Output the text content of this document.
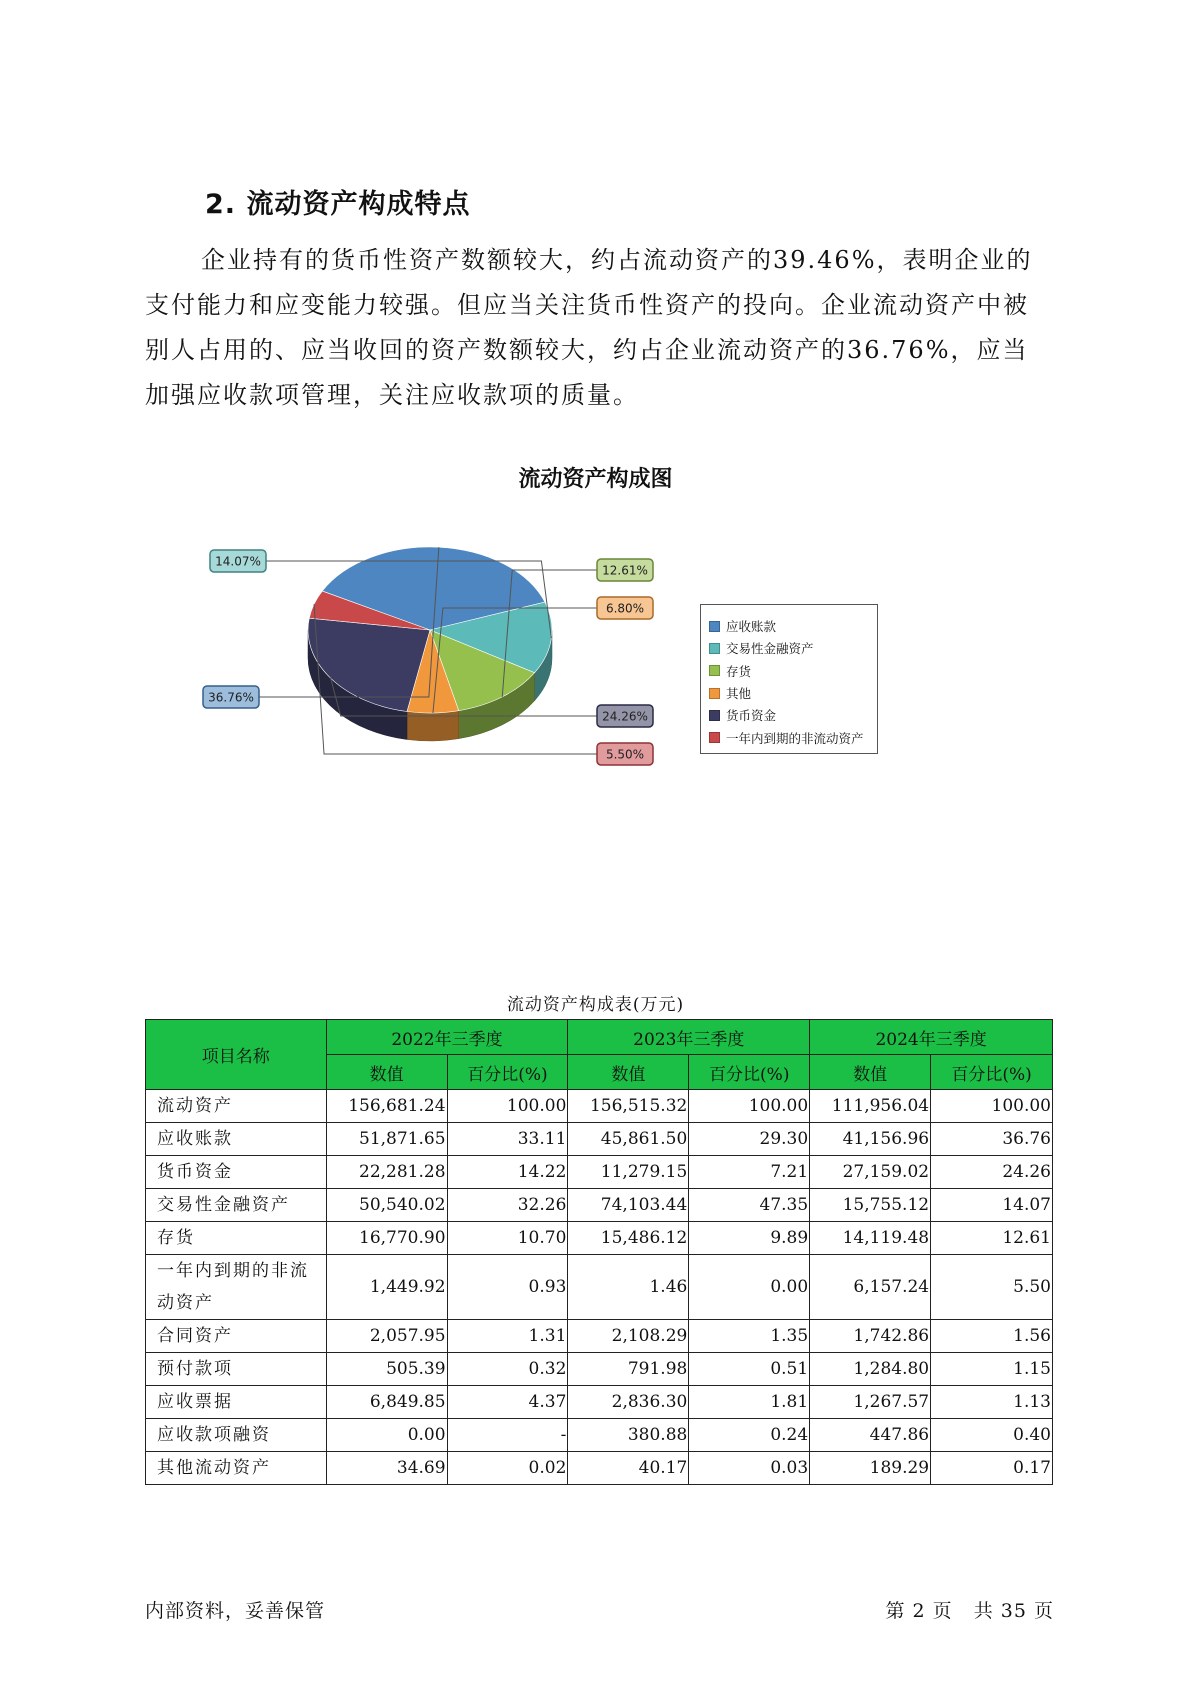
2. 流动资产构成特点

企业持有的货币性资产数额较大，约占流动资产的39.46%，表明企业的支付能力和应变能力较强。但应当关注货币性资产的投向。企业流动资产中被别人占用的、应当收回的资产数额较大，约占企业流动资产的36.76%，应当加强应收款项管理，关注应收款项的质量。

流动资产构成图
36.76%
14.07%
12.61%
6.80%
24.26%
5.50%
应收账款
交易性金融资产
存货
其他
货币资金
一年内到期的非流动资产
流动资产构成表(万元)
项目名称	2022年三季度		2023年三季度		2024年三季度	
	数值	百分比(%)	数值	百分比(%)	数值	百分比(%)
流动资产	156,681.24	100.00	156,515.32	100.00	111,956.04	100.00
应收账款	51,871.65	33.11	45,861.50	29.30	41,156.96	36.76
货币资金	22,281.28	14.22	11,279.15	7.21	27,159.02	24.26
交易性金融资产	50,540.02	32.26	74,103.44	47.35	15,755.12	14.07
存货	16,770.90	10.70	15,486.12	9.89	14,119.48	12.61
一年内到期的非流动资产	1,449.92	0.93	1.46	0.00	6,157.24	5.50
合同资产	2,057.95	1.31	2,108.29	1.35	1,742.86	1.56
预付款项	505.39	0.32	791.98	0.51	1,284.80	1.15
应收票据	6,849.85	4.37	2,836.30	1.81	1,267.57	1.13
应收款项融资	0.00	-	380.88	0.24	447.86	0.40
其他流动资产	34.69	0.02	40.17	0.03	189.29	0.17
内部资料，妥善保管	第 2 页   共 35 页
